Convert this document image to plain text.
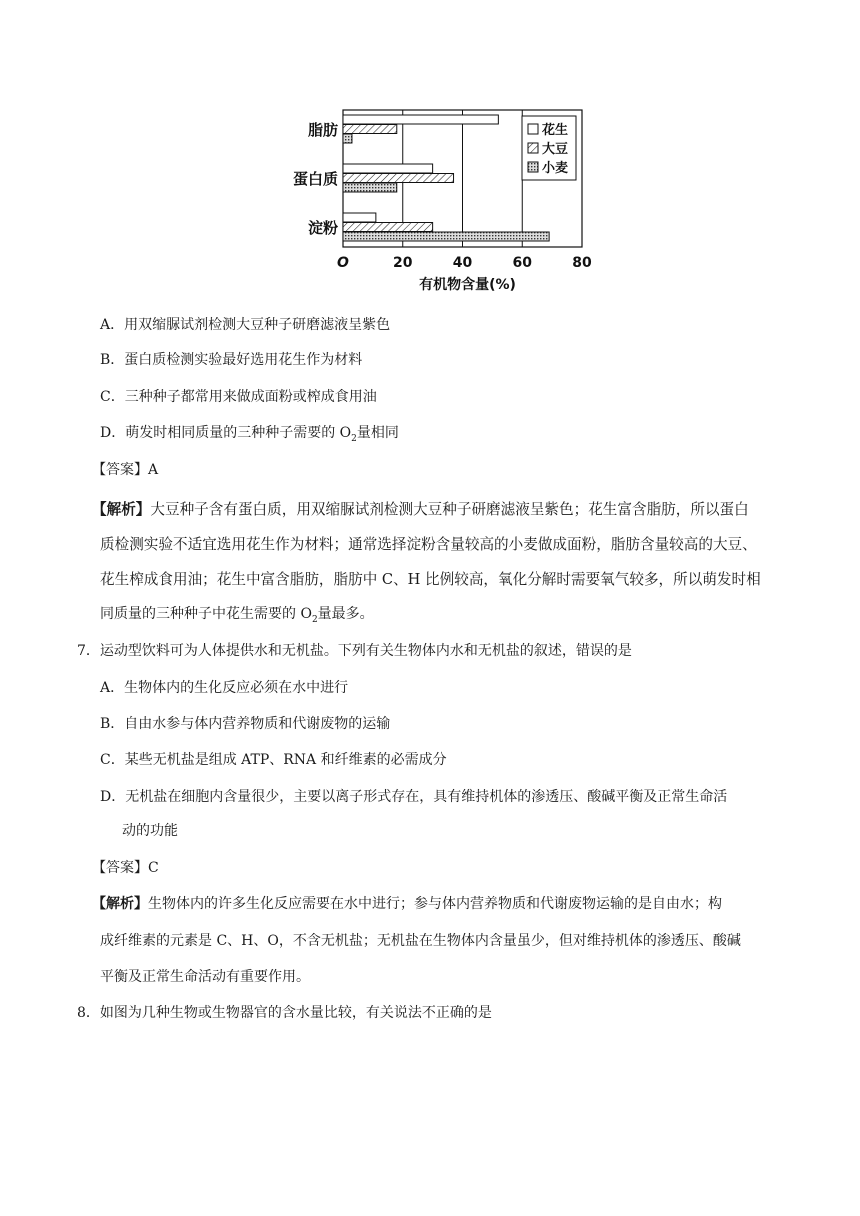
脂肪
蛋白质
淀粉
花生
大豆
小麦
O	20	40	60	80
有机物含量(%)
A．用双缩脲试剂检测大豆种子研磨滤液呈紫色
B．蛋白质检测实验最好选用花生作为材料
C．三种种子都常用来做成面粉或榨成食用油
D．萌发时相同质量的三种种子需要的 $O_2$量相同
【答案】A
【解析】大豆种子含有蛋白质，用双缩脲试剂检测大豆种子研磨滤液呈紫色；花生富含脂肪，所以蛋白
质检测实验不适宜选用花生作为材料；通常选择淀粉含量较高的小麦做成面粉，脂肪含量较高的大豆、
花生榨成食用油；花生中富含脂肪，脂肪中 C、H 比例较高，氧化分解时需要氧气较多，所以萌发时相
同质量的三种种子中花生需要的 $O_2$量最多。
7．运动型饮料可为人体提供水和无机盐。下列有关生物体内水和无机盐的叙述，错误的是
A．生物体内的生化反应必须在水中进行
B．自由水参与体内营养物质和代谢废物的运输
C．某些无机盐是组成 ATP、RNA 和纤维素的必需成分
D．无机盐在细胞内含量很少，主要以离子形式存在，具有维持机体的渗透压、酸碱平衡及正常生命活
动的功能
【答案】C
【解析】生物体内的许多生化反应需要在水中进行；参与体内营养物质和代谢废物运输的是自由水；构
成纤维素的元素是 C、H、O，不含无机盐；无机盐在生物体内含量虽少，但对维持机体的渗透压、酸碱
平衡及正常生命活动有重要作用。
8．如图为几种生物或生物器官的含水量比较，有关说法不正确的是
